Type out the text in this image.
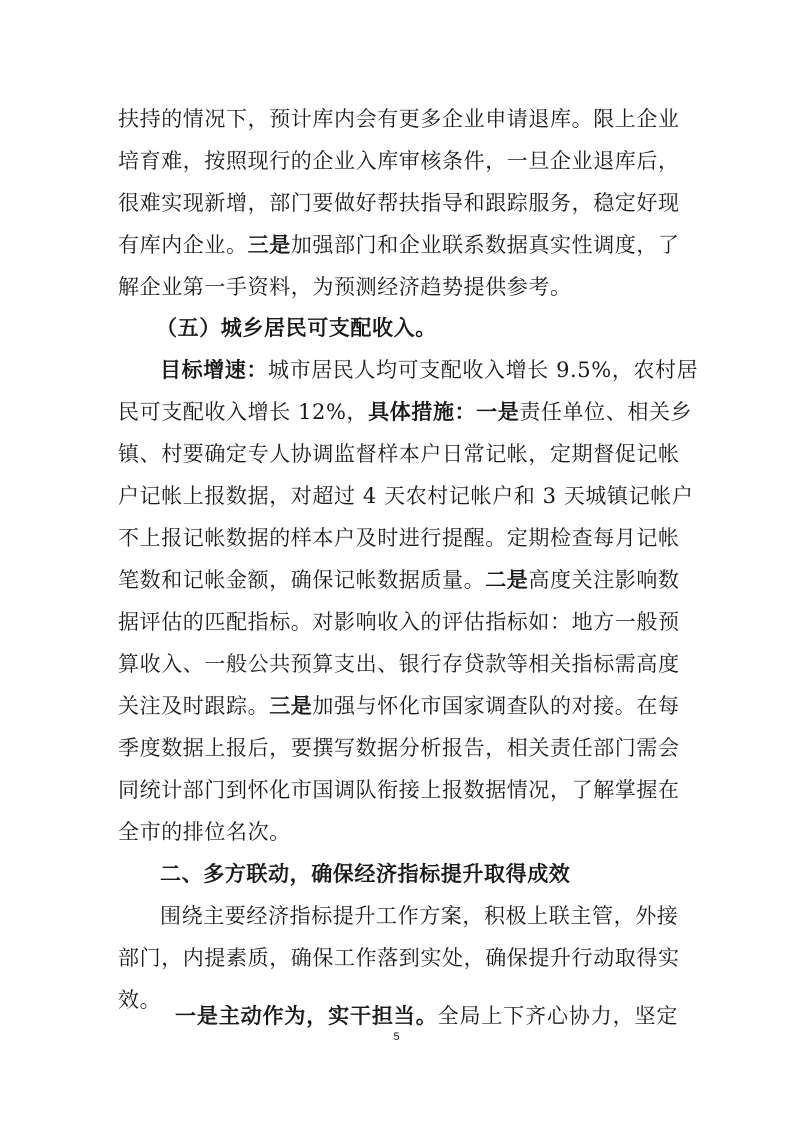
扶持的情况下，预计库内会有更多企业申请退库。限上企业
培育难，按照现行的企业入库审核条件，一旦企业退库后，
很难实现新增，部门要做好帮扶指导和跟踪服务，稳定好现
有库内企业。三是加强部门和企业联系数据真实性调度，了
解企业第一手资料，为预测经济趋势提供参考。
（五）城乡居民可支配收入。
目标增速：城市居民人均可支配收入增长 9.5%，农村居
民可支配收入增长 12%，具体措施：一是责任单位、相关乡
镇、村要确定专人协调监督样本户日常记帐，定期督促记帐
户记帐上报数据，对超过 4 天农村记帐户和 3 天城镇记帐户
不上报记帐数据的样本户及时进行提醒。定期检查每月记帐
笔数和记帐金额，确保记帐数据质量。二是高度关注影响数
据评估的匹配指标。对影响收入的评估指标如：地方一般预
算收入、一般公共预算支出、银行存贷款等相关指标需高度
关注及时跟踪。三是加强与怀化市国家调查队的对接。在每
季度数据上报后，要撰写数据分析报告，相关责任部门需会
同统计部门到怀化市国调队衔接上报数据情况，了解掌握在
全市的排位名次。
二、多方联动，确保经济指标提升取得成效
围绕主要经济指标提升工作方案，积极上联主管，外接
部门，内提素质，确保工作落到实处，确保提升行动取得实
效。
一是主动作为，实干担当。全局上下齐心协力，坚定
5
